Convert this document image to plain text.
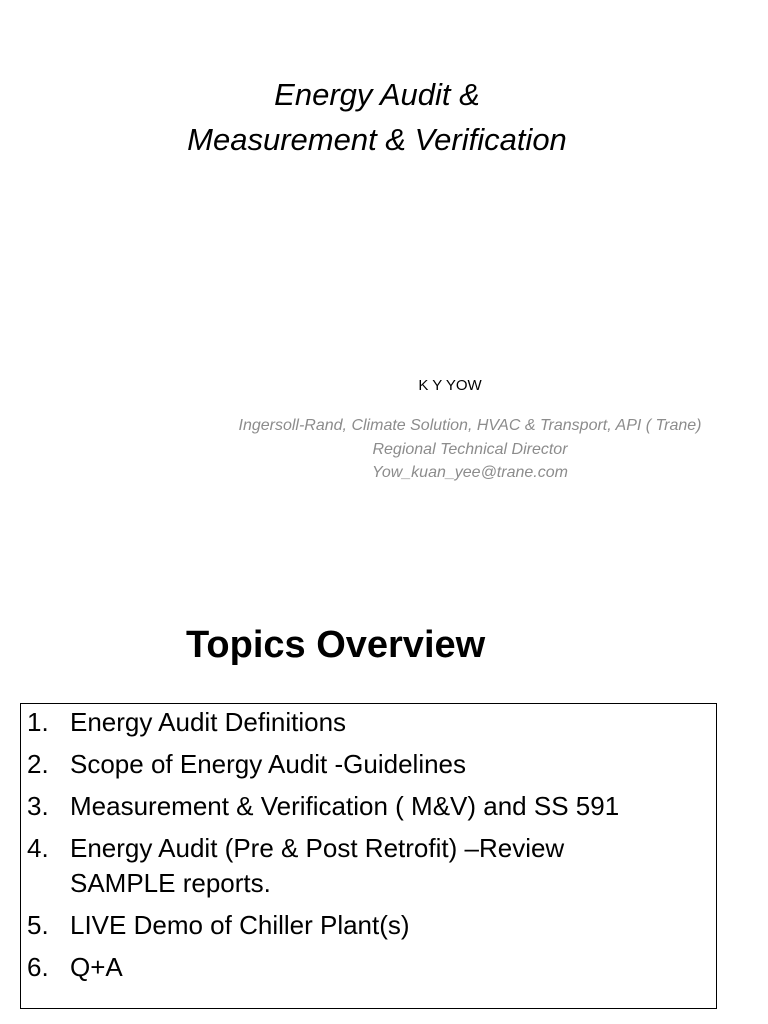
Energy Audit &
Measurement & Verification
K Y YOW
Ingersoll-Rand, Climate Solution, HVAC & Transport, API ( Trane)
Regional Technical Director
Yow_kuan_yee@trane.com
Topics Overview
1. Energy Audit Definitions
2. Scope of Energy Audit -Guidelines
3. Measurement & Verification ( M&V) and SS 591
4. Energy Audit (Pre & Post Retrofit) –Review
SAMPLE reports.
5. LIVE Demo of Chiller Plant(s)
6. Q+A
